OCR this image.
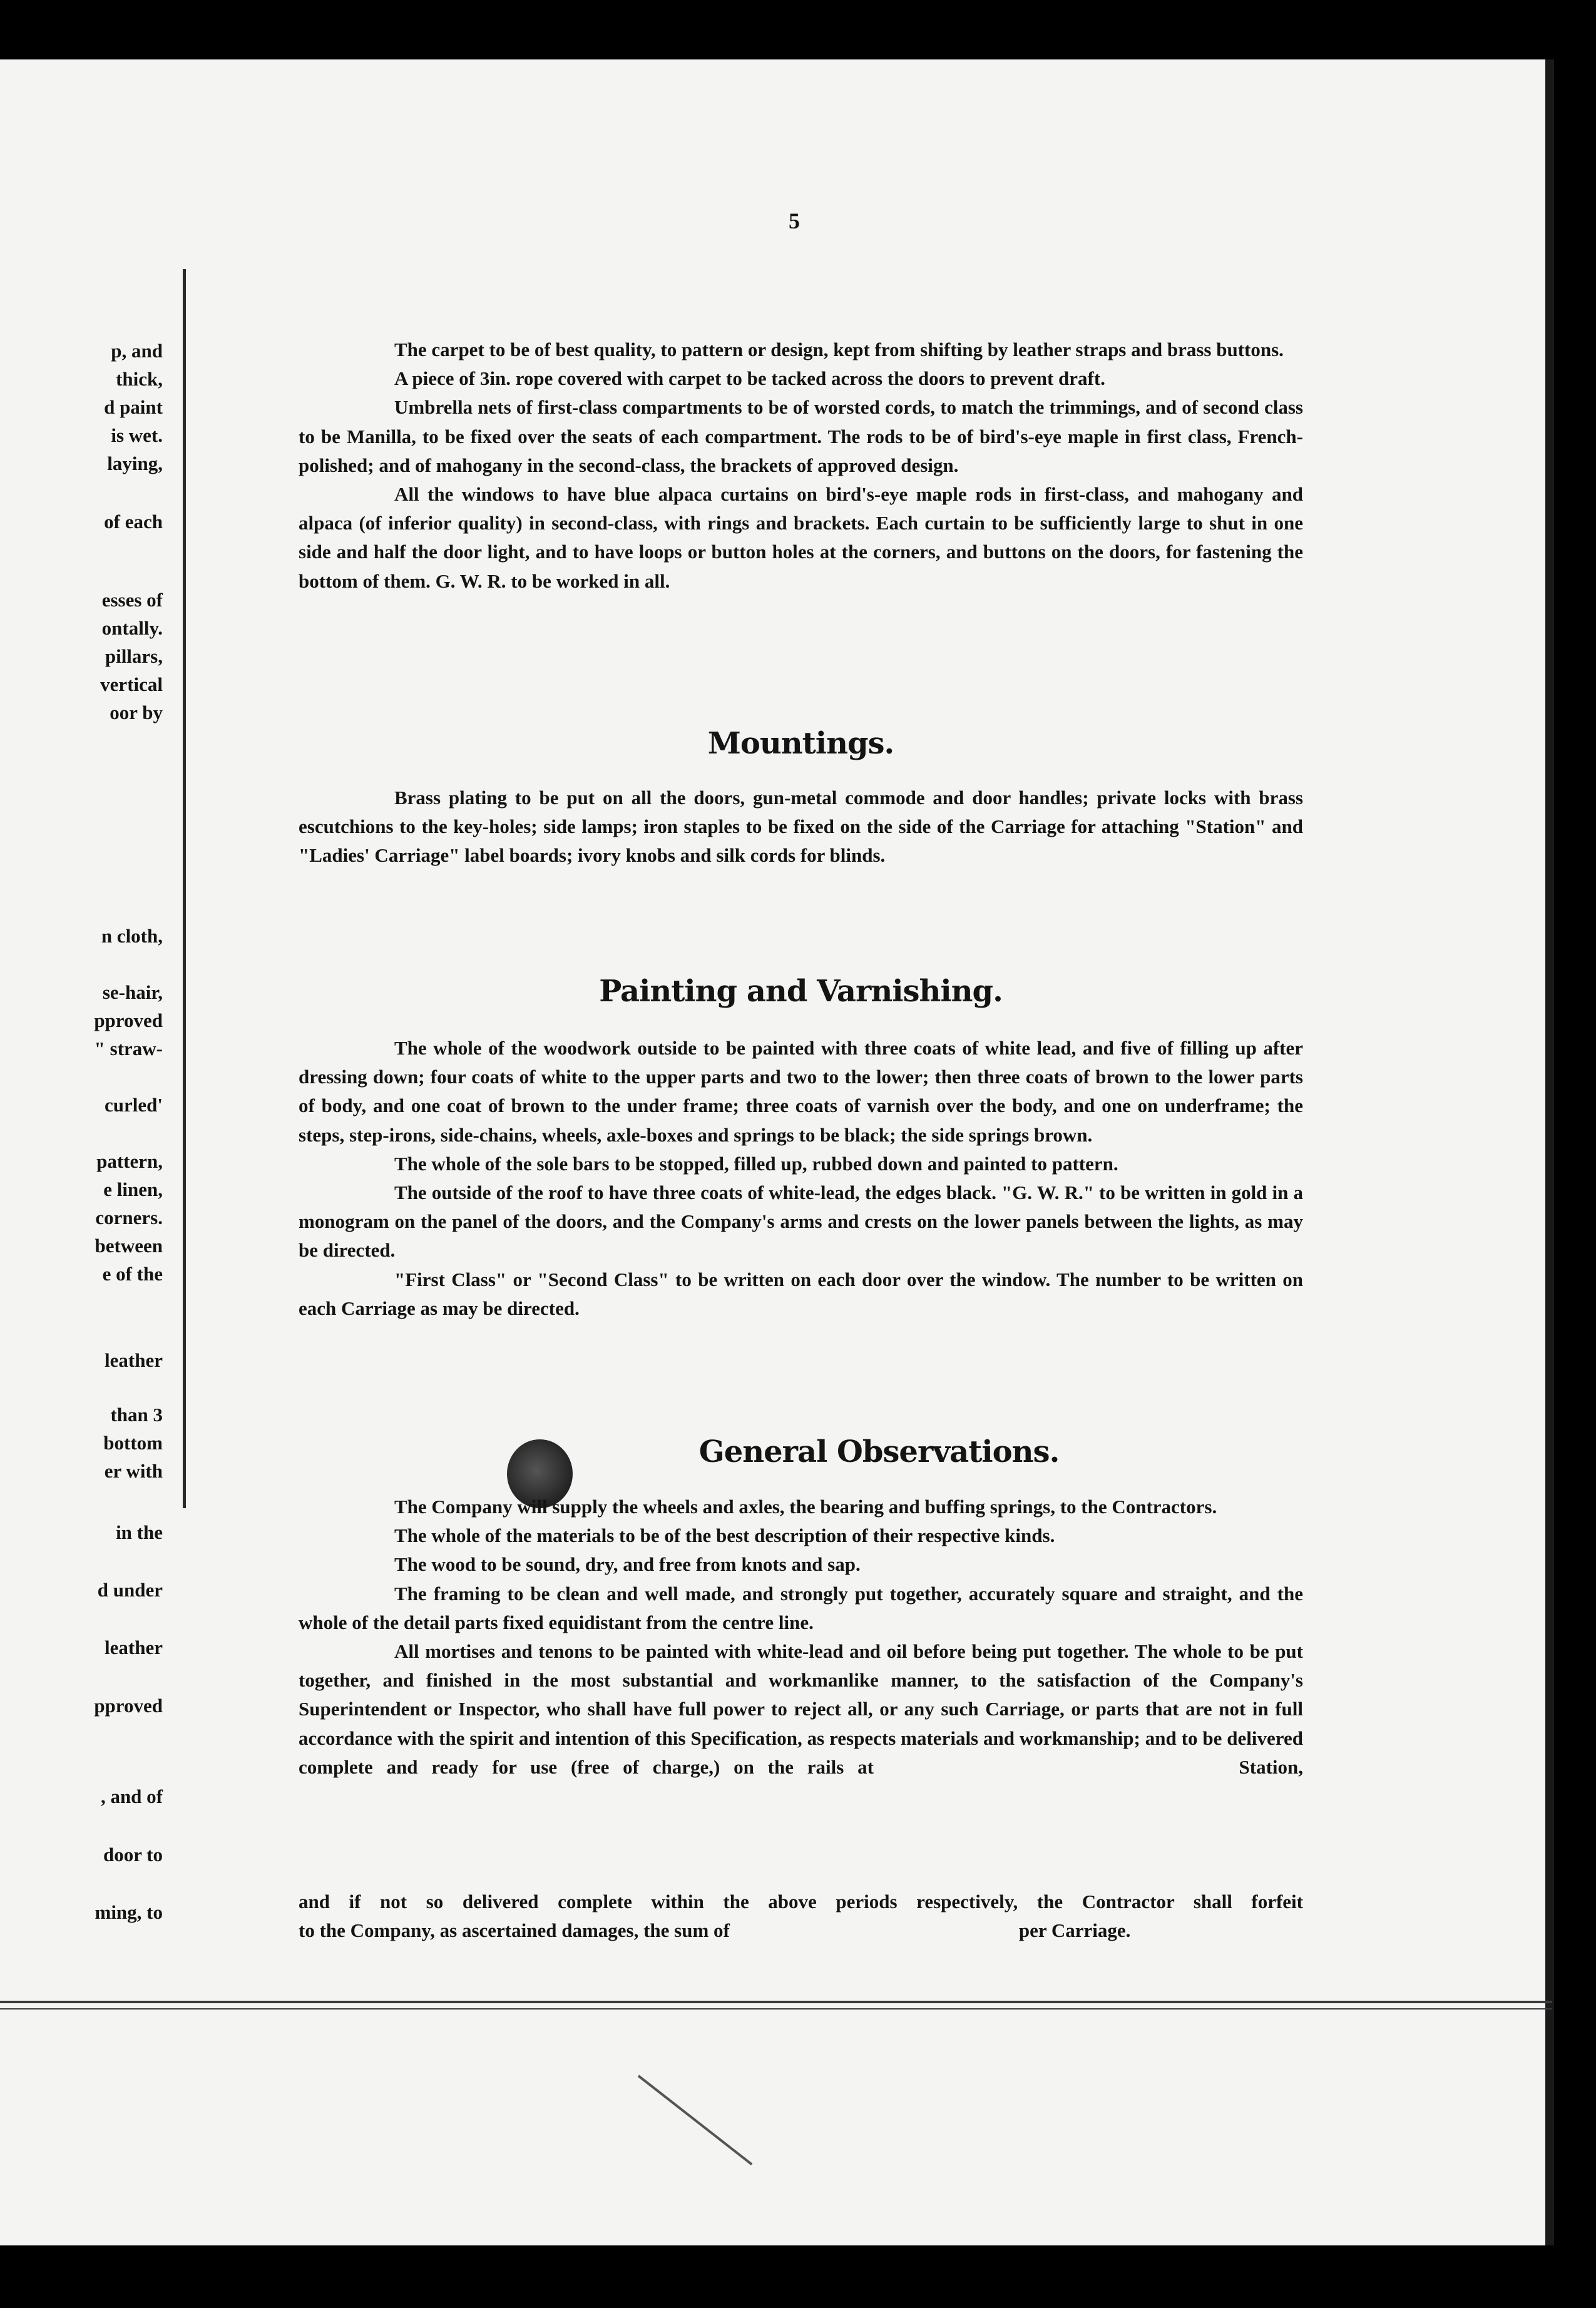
p, and
thick,
d paint
is wet.
laying,
of each
esses of
ontally.
pillars,
vertical
oor by
n cloth,
se-hair,
pproved
" straw-
curled'
pattern,
e linen,
corners.
between
e of the
leather
than 3
bottom
er with
in the
d under
leather
pproved
, and of
door to
ming, to
5

The carpet to be of best quality, to pattern or design, kept from shifting by leather straps and brass buttons.

A piece of 3in. rope covered with carpet to be tacked across the doors to prevent draft.

Umbrella nets of first-class compartments to be of worsted cords, to match the trimmings, and of second class to be Manilla, to be fixed over the seats of each compartment. The rods to be of bird's-eye maple in first class, French-polished; and of mahogany in the second-class, the brackets of approved design.

All the windows to have blue alpaca curtains on bird's-eye maple rods in first-class, and mahogany and alpaca (of inferior quality) in second-class, with rings and brackets. Each curtain to be sufficiently large to shut in one side and half the door light, and to have loops or button holes at the corners, and buttons on the doors, for fastening the bottom of them. G. W. R. to be worked in all.

Mountings.

Brass plating to be put on all the doors, gun-metal commode and door handles; private locks with brass escutchions to the key-holes; side lamps; iron staples to be fixed on the side of the Carriage for attaching "Station" and "Ladies' Carriage" label boards; ivory knobs and silk cords for blinds.

Painting and Varnishing.

The whole of the woodwork outside to be painted with three coats of white lead, and five of filling up after dressing down; four coats of white to the upper parts and two to the lower; then three coats of brown to the lower parts of body, and one coat of brown to the under frame; three coats of varnish over the body, and one on underframe; the steps, step-irons, side-chains, wheels, axle-boxes and springs to be black; the side springs brown.

The whole of the sole bars to be stopped, filled up, rubbed down and painted to pattern.

The outside of the roof to have three coats of white-lead, the edges black. "G. W. R." to be written in gold in a monogram on the panel of the doors, and the Company's arms and crests on the lower panels between the lights, as may be directed.

"First Class" or "Second Class" to be written on each door over the window. The number to be written on each Carriage as may be directed.

General Observations.

The Company will supply the wheels and axles, the bearing and buffing springs, to the Contractors.

The whole of the materials to be of the best description of their respective kinds.

The wood to be sound, dry, and free from knots and sap.

The framing to be clean and well made, and strongly put together, accurately square and straight, and the whole of the detail parts fixed equidistant from the centre line.

All mortises and tenons to be painted with white-lead and oil before being put together. The whole to be put together, and finished in the most substantial and workmanlike manner, to the satisfaction of the Company's Superintendent or Inspector, who shall have full power to reject all, or any such Carriage, or parts that are not in full accordance with the spirit and intention of this Specification, as respects materials and workmanship; and to be delivered complete and ready for use (free of charge,) on the rails at	Station,

and if not so delivered complete within the above periods respectively, the Contractor shall forfeit

to the Company, as ascertained damages, the sum of	per Carriage.
